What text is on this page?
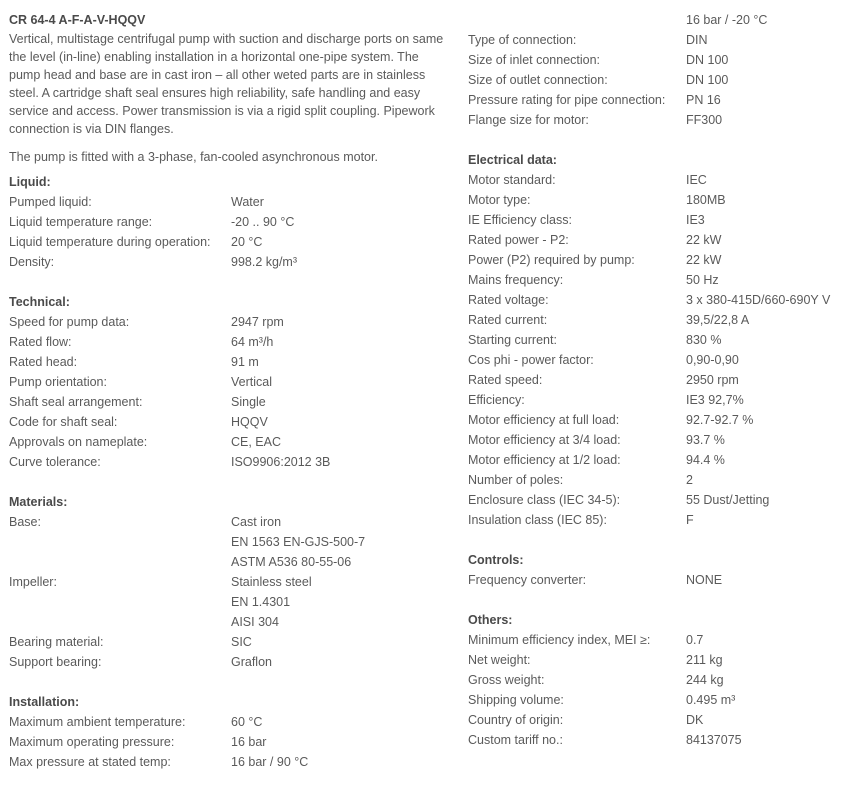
CR 64-4 A-F-A-V-HQQV

Vertical, multistage centrifugal pump with suction and discharge ports on same the level (in-line) enabling installation in a horizontal one-pipe system. The pump head and base are in cast iron – all other weted parts are in stainless steel. A cartridge shaft seal ensures high reliability, safe handling and easy service and access. Power transmission is via a rigid split coupling. Pipework connection is via DIN flanges.

The pump is fitted with a 3-phase, fan-cooled asynchronous motor.
Liquid:
Pumped liquid:	Water
Liquid temperature range:	-20 .. 90 °C
Liquid temperature during operation:	20 °C
Density:	998.2 kg/m³
Technical:
Speed for pump data:	2947 rpm
Rated flow:	64 m³/h
Rated head:	91 m
Pump orientation:	Vertical
Shaft seal arrangement:	Single
Code for shaft seal:	HQQV
Approvals on nameplate:	CE, EAC
Curve tolerance:	ISO9906:2012 3B
Materials:
Base:	Cast iron
EN 1563 EN-GJS-500-7
ASTM A536 80-55-06
Impeller:	Stainless steel
EN 1.4301
AISI 304
Bearing material:	SIC
Support bearing:	Graflon
Installation:
Maximum ambient temperature:	60 °C
Maximum operating pressure:	16 bar
Max pressure at stated temp:	16 bar / 90 °C
16 bar / -20 °C
Type of connection:	DIN
Size of inlet connection:	DN 100
Size of outlet connection:	DN 100
Pressure rating for pipe connection:	PN 16
Flange size for motor:	FF300
Electrical data:
Motor standard:	IEC
Motor type:	180MB
IE Efficiency class:	IE3
Rated power - P2:	22 kW
Power (P2) required by pump:	22 kW
Mains frequency:	50 Hz
Rated voltage:	3 x 380-415D/660-690Y V
Rated current:	39,5/22,8 A
Starting current:	830 %
Cos phi - power factor:	0,90-0,90
Rated speed:	2950 rpm
Efficiency:	IE3 92,7%
Motor efficiency at full load:	92.7-92.7 %
Motor efficiency at 3/4 load:	93.7 %
Motor efficiency at 1/2 load:	94.4 %
Number of poles:	2
Enclosure class (IEC 34-5):	55 Dust/Jetting
Insulation class (IEC 85):	F
Controls:
Frequency converter:	NONE
Others:
Minimum efficiency index, MEI ≥:	0.7
Net weight:	211 kg
Gross weight:	244 kg
Shipping volume:	0.495 m³
Country of origin:	DK
Custom tariff no.:	84137075
